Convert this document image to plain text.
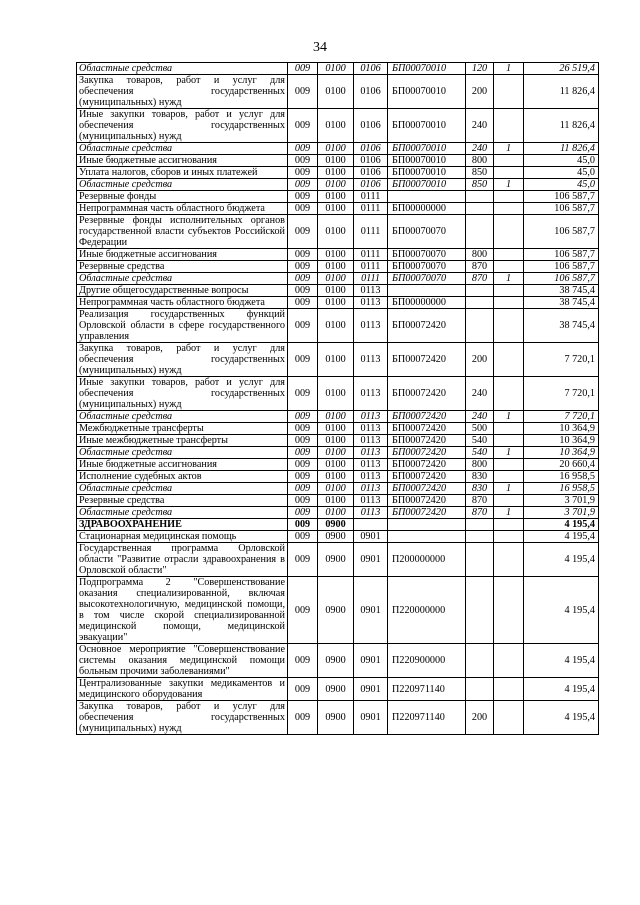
34
Областные средства	009	0100	0106	БП00070010	120	1	26 519,4
Закупка товаров, работ и услуг для обеспечения государственных (муниципальных) нужд	009	0100	0106	БП00070010	200		11 826,4
Иные закупки товаров, работ и услуг для обеспечения государственных (муниципальных) нужд	009	0100	0106	БП00070010	240		11 826,4
Областные средства	009	0100	0106	БП00070010	240	1	11 826,4
Иные бюджетные ассигнования	009	0100	0106	БП00070010	800		45,0
Уплата налогов, сборов и иных платежей	009	0100	0106	БП00070010	850		45,0
Областные средства	009	0100	0106	БП00070010	850	1	45,0
Резервные фонды	009	0100	0111				106 587,7
Непрограммная часть областного бюджета	009	0100	0111	БП00000000			106 587,7
Резервные фонды исполнительных органов государственной власти субъектов Российской Федерации	009	0100	0111	БП00070070			106 587,7
Иные бюджетные ассигнования	009	0100	0111	БП00070070	800		106 587,7
Резервные средства	009	0100	0111	БП00070070	870		106 587,7
Областные средства	009	0100	0111	БП00070070	870	1	106 587,7
Другие общегосударственные вопросы	009	0100	0113				38 745,4
Непрограммная часть областного бюджета	009	0100	0113	БП00000000			38 745,4
Реализация государственных функций Орловской области в сфере государственного управления	009	0100	0113	БП00072420			38 745,4
Закупка товаров, работ и услуг для обеспечения государственных (муниципальных) нужд	009	0100	0113	БП00072420	200		7 720,1
Иные закупки товаров, работ и услуг для обеспечения государственных (муниципальных) нужд	009	0100	0113	БП00072420	240		7 720,1
Областные средства	009	0100	0113	БП00072420	240	1	7 720,1
Межбюджетные трансферты	009	0100	0113	БП00072420	500		10 364,9
Иные межбюджетные трансферты	009	0100	0113	БП00072420	540		10 364,9
Областные средства	009	0100	0113	БП00072420	540	1	10 364,9
Иные бюджетные ассигнования	009	0100	0113	БП00072420	800		20 660,4
Исполнение судебных актов	009	0100	0113	БП00072420	830		16 958,5
Областные средства	009	0100	0113	БП00072420	830	1	16 958,5
Резервные средства	009	0100	0113	БП00072420	870		3 701,9
Областные средства	009	0100	0113	БП00072420	870	1	3 701,9
ЗДРАВООХРАНЕНИЕ	009	0900					4 195,4
Стационарная медицинская помощь	009	0900	0901				4 195,4
Государственная программа Орловской области "Развитие отрасли здравоохранения в Орловской области"	009	0900	0901	П200000000			4 195,4
Подпрограмма 2 "Совершенствование оказания специализированной, включая высокотехнологичную, медицинской помощи, в том числе скорой специализированной медицинской помощи, медицинской эвакуации"	009	0900	0901	П220000000			4 195,4
Основное мероприятие "Совершенствование системы оказания медицинской помощи больным прочими заболеваниями"	009	0900	0901	П220900000			4 195,4
Централизованные закупки медикаментов и медицинского оборудования	009	0900	0901	П220971140			4 195,4
Закупка товаров, работ и услуг для обеспечения государственных (муниципальных) нужд	009	0900	0901	П220971140	200		4 195,4
